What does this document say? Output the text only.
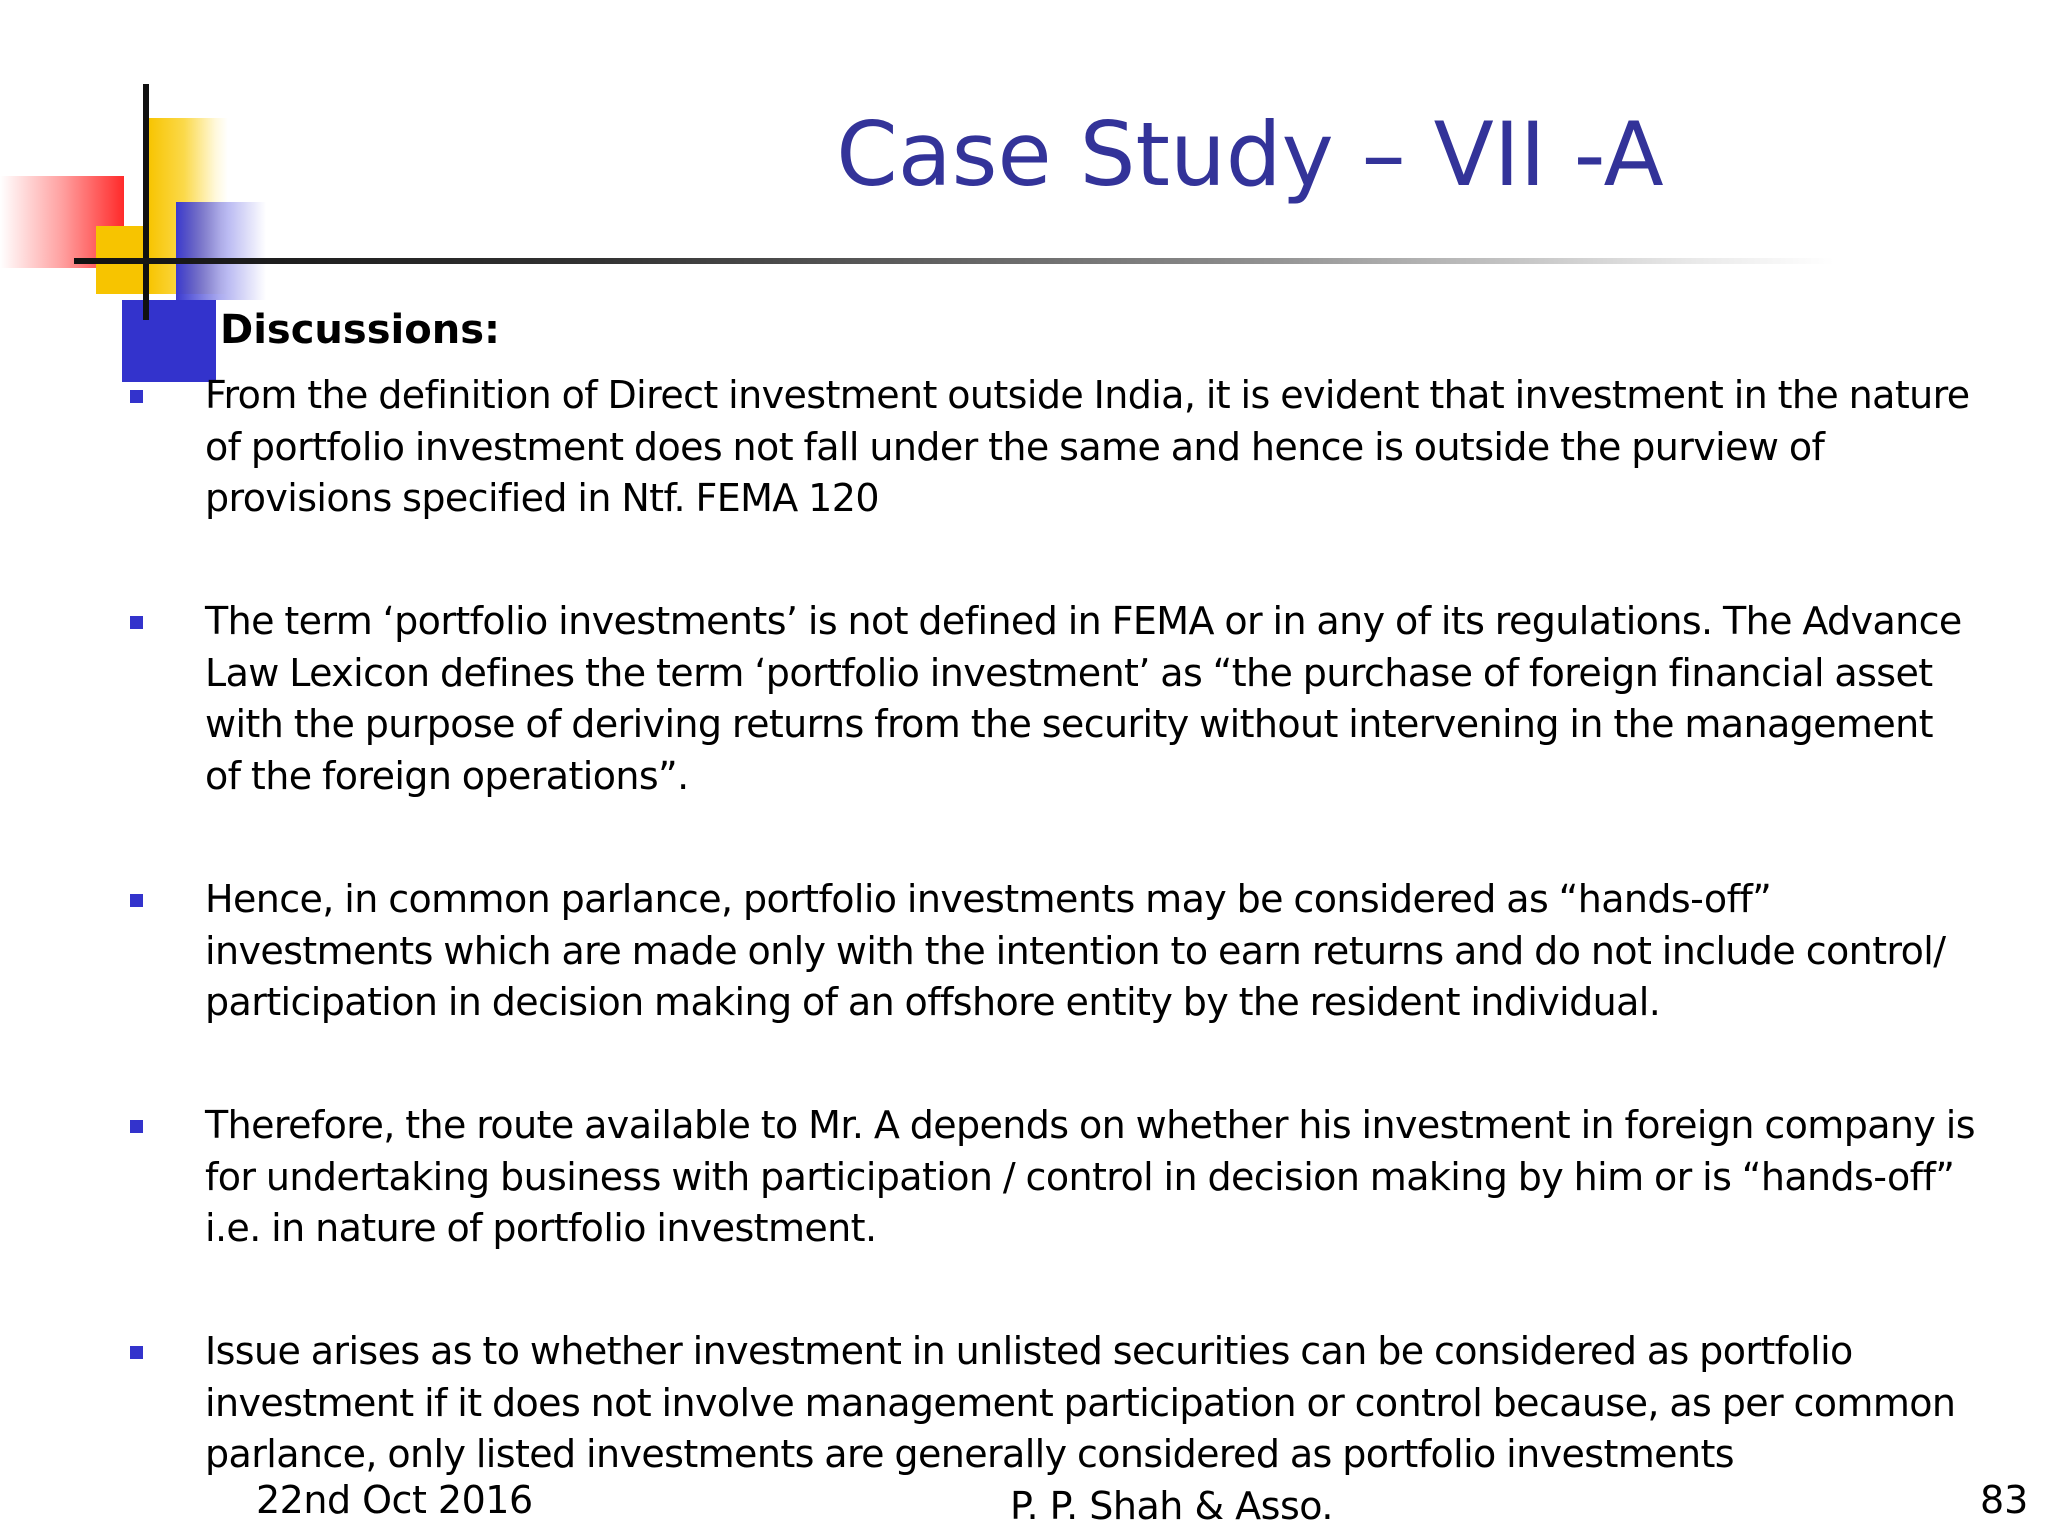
Case Study – VII -A
Discussions:
From the definition of Direct investment outside India, it is evident that investment in the nature of portfolio investment does not fall under the same and hence is outside the purview of provisions specified in Ntf. FEMA 120
The term ‘portfolio investments’ is not defined in FEMA or in any of its regulations. The Advance Law Lexicon defines the term ‘portfolio investment’ as “the purchase of foreign financial asset with the purpose of deriving returns from the security without intervening in the management of the foreign operations”.
Hence, in common parlance, portfolio investments may be considered as “hands-off” investments which are made only with the intention to earn returns and do not include control/ participation in decision making of an offshore entity by the resident individual.
Therefore, the route available to Mr. A depends on whether his investment in foreign company is for undertaking business with participation / control in decision making by him or is “hands-off” i.e. in nature of portfolio investment.
Issue arises as to whether investment in unlisted securities can be considered as portfolio investment if it does not involve management participation or control because, as per common parlance, only listed investments are generally considered as portfolio investments
22nd Oct 2016	P. P. Shah & Asso.	83
